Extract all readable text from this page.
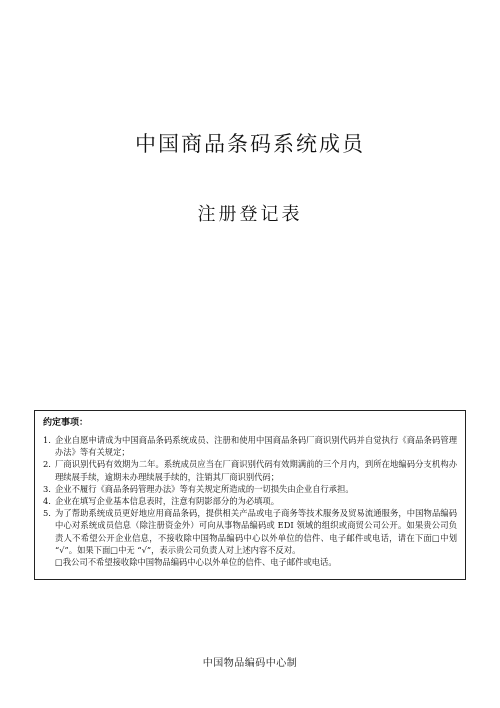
中国商品条码系统成员
注册登记表
约定事项：
1. 企业自愿申请成为中国商品条码系统成员、注册和使用中国商品条码厂商识别代码并自觉执行《商品条码管理办法》等有关规定；
2. 厂商识别代码有效期为二年。系统成员应当在厂商识别代码有效期满前的三个月内，到所在地编码分支机构办理续展手续，逾期未办理续展手续的，注销其厂商识别代码；
3. 企业不履行《商品条码管理办法》等有关规定所造成的一切损失由企业自行承担。
4. 企业在填写企业基本信息表时，注意有阴影部分的为必填项。
5. 为了帮助系统成员更好地应用商品条码，提供相关产品或电子商务等技术服务及贸易流通服务，中国物品编码中心对系统成员信息（除注册资金外）可向从事物品编码或 EDI 领域的组织或商贸公司公开。如果贵公司负责人不希望公开企业信息，不接收除中国物品编码中心以外单位的信件、电子邮件或电话，请在下面□中划 “√”。如果下面□中无 “√”，表示贵公司负责人对上述内容不反对。
□我公司不希望接收除中国物品编码中心以外单位的信件、电子邮件或电话。
中国物品编码中心制
